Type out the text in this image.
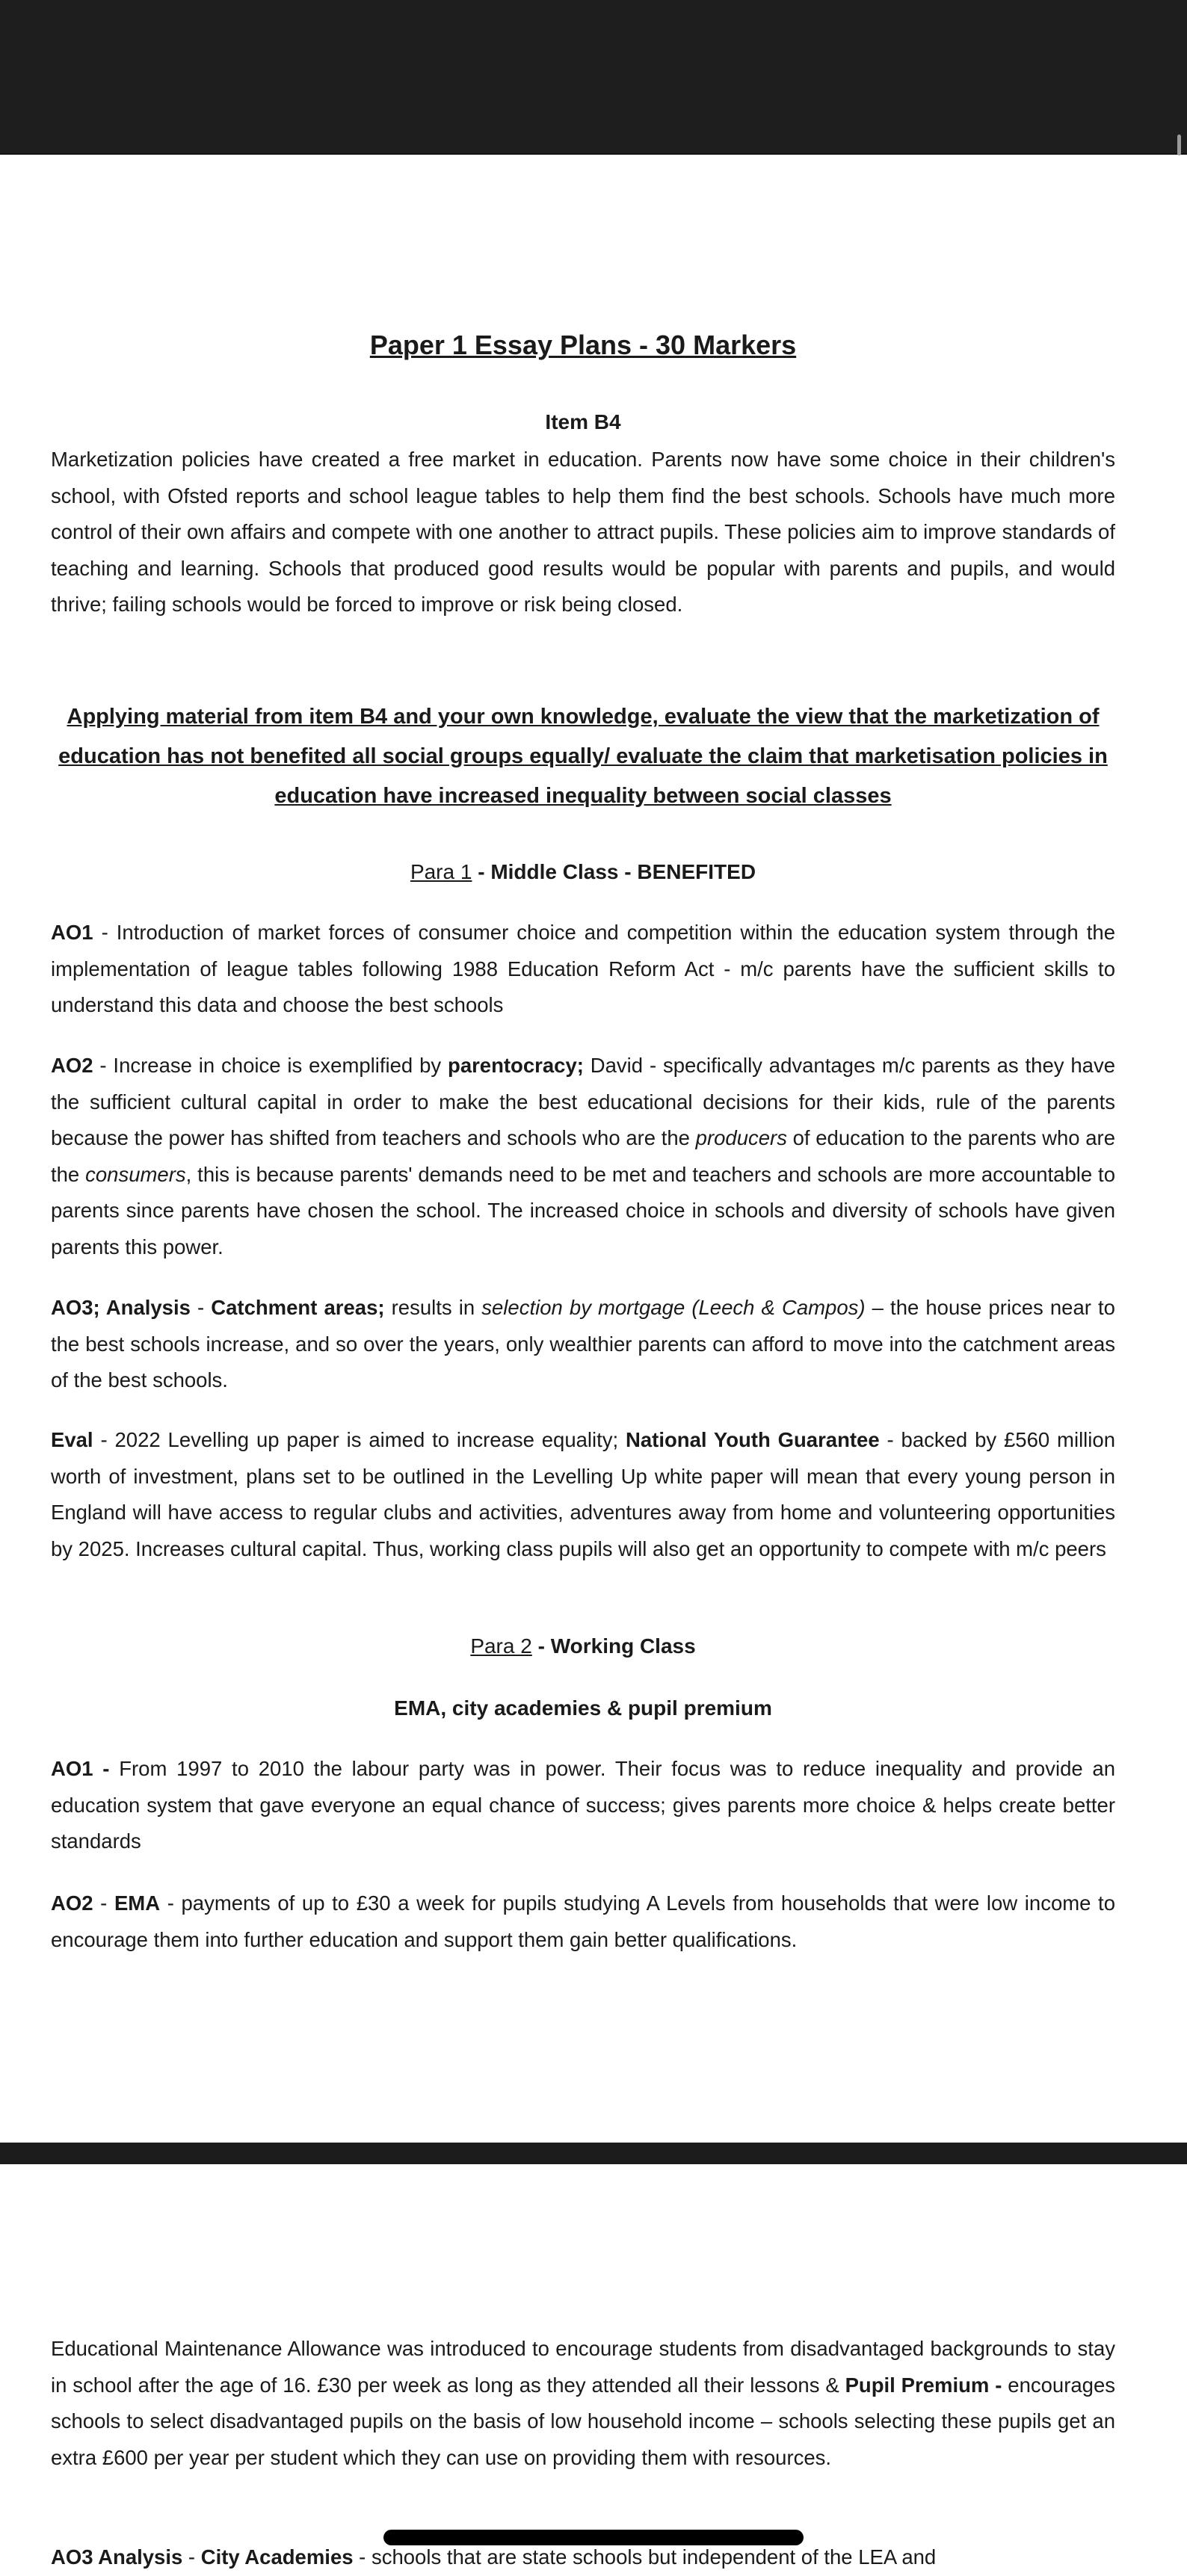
Paper 1 Essay Plans - 30 Markers
Item B4
Marketization policies have created a free market in education. Parents now have some choice in their children's school, with Ofsted reports and school league tables to help them find the best schools. Schools have much more control of their own affairs and compete with one another to attract pupils. These policies aim to improve standards of teaching and learning. Schools that produced good results would be popular with parents and pupils, and would thrive; failing schools would be forced to improve or risk being closed.
Applying material from item B4 and your own knowledge, evaluate the view that the marketization of education has not benefited all social groups equally/ evaluate the claim that marketisation policies in education have increased inequality between social classes
Para 1 - Middle Class - BENEFITED
AO1 - Introduction of market forces of consumer choice and competition within the education system through the implementation of league tables following 1988 Education Reform Act - m/c parents have the sufficient skills to understand this data and choose the best schools
AO2 - Increase in choice is exemplified by parentocracy; David - specifically advantages m/c parents as they have the sufficient cultural capital in order to make the best educational decisions for their kids, rule of the parents because the power has shifted from teachers and schools who are the producers of education to the parents who are the consumers, this is because parents' demands need to be met and teachers and schools are more accountable to parents since parents have chosen the school. The increased choice in schools and diversity of schools have given parents this power.
AO3; Analysis - Catchment areas; results in selection by mortgage (Leech & Campos) – the house prices near to the best schools increase, and so over the years, only wealthier parents can afford to move into the catchment areas of the best schools.
Eval - 2022 Levelling up paper is aimed to increase equality; National Youth Guarantee - backed by £560 million worth of investment, plans set to be outlined in the Levelling Up white paper will mean that every young person in England will have access to regular clubs and activities, adventures away from home and volunteering opportunities by 2025. Increases cultural capital. Thus, working class pupils will also get an opportunity to compete with m/c peers
Para 2 - Working Class
EMA, city academies & pupil premium
AO1 - From 1997 to 2010 the labour party was in power. Their focus was to reduce inequality and provide an education system that gave everyone an equal chance of success; gives parents more choice & helps create better standards
AO2 - EMA - payments of up to £30 a week for pupils studying A Levels from households that were low income to encourage them into further education and support them gain better qualifications.
Educational Maintenance Allowance was introduced to encourage students from disadvantaged backgrounds to stay in school after the age of 16. £30 per week as long as they attended all their lessons & Pupil Premium - encourages schools to select disadvantaged pupils on the basis of low household income – schools selecting these pupils get an extra £600 per year per student which they can use on providing them with resources.
AO3 Analysis - City Academies - schools that are state schools but independent of the LEA and
